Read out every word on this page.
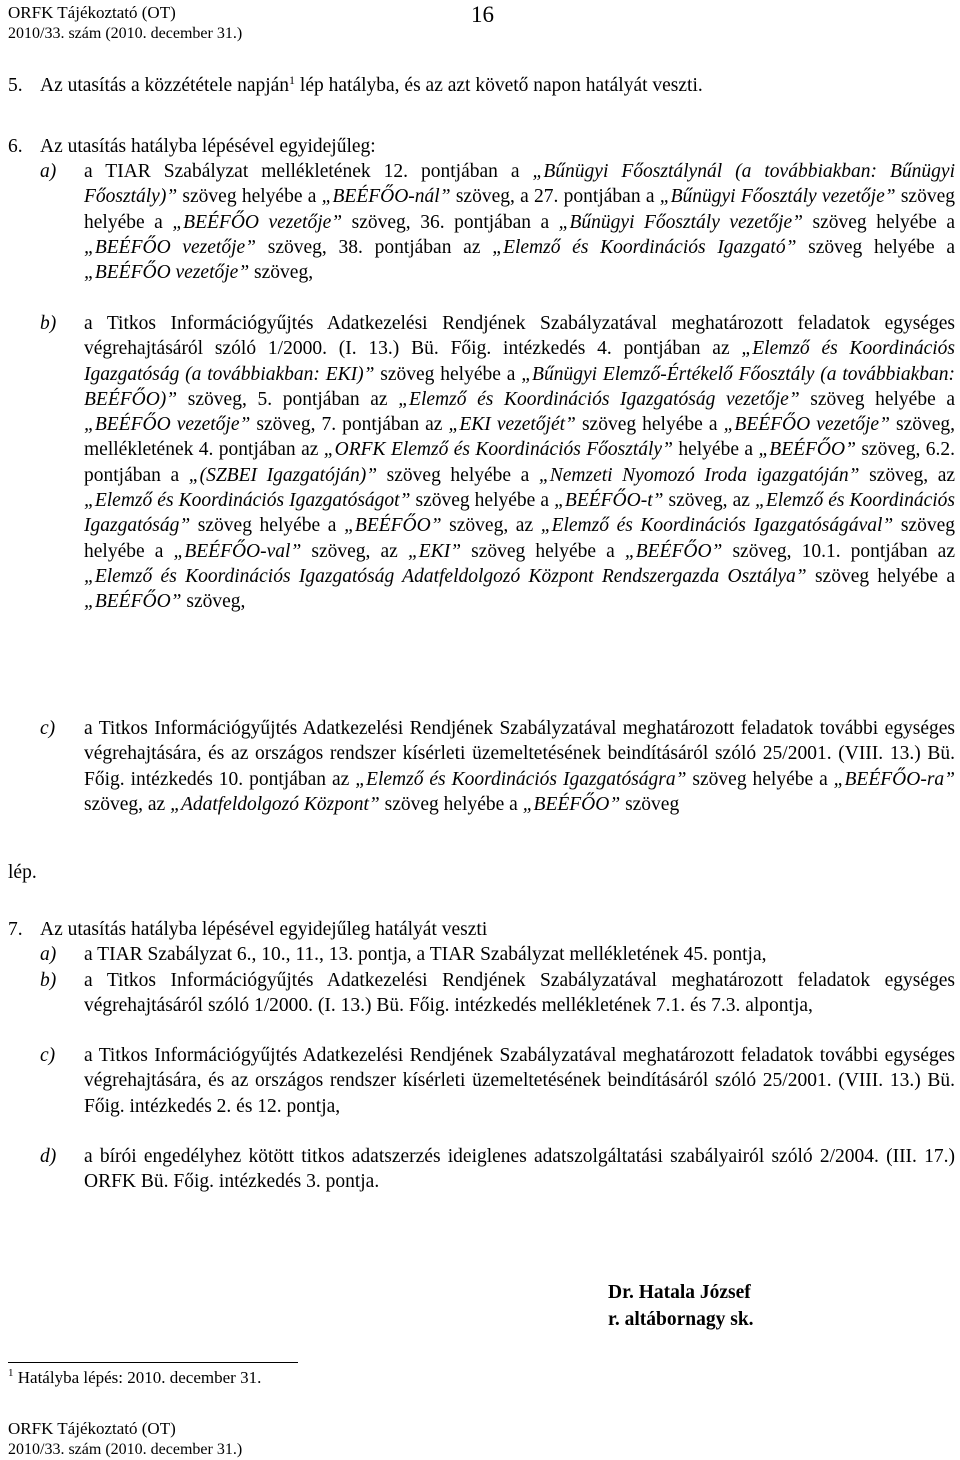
ORFK Tájékoztató (OT)
2010/33. szám (2010. december 31.)
16
5. Az utasítás a közzététele napján$^1$ lép hatályba, és az azt követő napon hatályát veszti.
6. Az utasítás hatályba lépésével egyidejűleg:
a)	a TIAR Szabályzat mellékletének 12. pontjában a „Bűnügyi Főosztálynál (a továbbiakban: Bűnügyi Főosztály)” szöveg helyébe a „BEÉFŐO-nál” szöveg, a 27. pontjában a „Bűnügyi Főosztály vezetője” szöveg helyébe a „BEÉFŐO vezetője” szöveg, 36. pontjában a „Bűnügyi Főosztály vezetője” szöveg helyébe a „BEÉFŐO vezetője” szöveg, 38. pontjában az „Elemző és Koordinációs Igazgató” szöveg helyébe a „BEÉFŐO vezetője” szöveg,
b)	a Titkos Információgyűjtés Adatkezelési Rendjének Szabályzatával meghatározott feladatok egységes végrehajtásáról szóló 1/2000. (I. 13.) Bü. Főig. intézkedés 4. pontjában az „Elemző és Koordinációs Igazgatóság (a továbbiakban: EKI)” szöveg helyébe a „Bűnügyi Elemző-Értékelő Főosztály (a továbbiakban: BEÉFŐO)” szöveg, 5. pontjában az „Elemző és Koordinációs Igazgatóság vezetője” szöveg helyébe a „BEÉFŐO vezetője” szöveg, 7. pontjában az „EKI vezetőjét” szöveg helyébe a „BEÉFŐO vezetője” szöveg, mellékletének 4. pontjában az „ORFK Elemző és Koordinációs Főosztály” helyébe a „BEÉFŐO” szöveg, 6.2. pontjában a „(SZBEI Igazgatóján)” szöveg helyébe a „Nemzeti Nyomozó Iroda igazgatóján” szöveg, az „Elemző és Koordinációs Igazgatóságot” szöveg helyébe a „BEÉFŐO-t” szöveg, az „Elemző és Koordinációs Igazgatóság” szöveg helyébe a „BEÉFŐO” szöveg, az „Elemző és Koordinációs Igazgatóságával” szöveg helyébe a „BEÉFŐO-val” szöveg, az „EKI” szöveg helyébe a „BEÉFŐO” szöveg, 10.1. pontjában az „Elemző és Koordinációs Igazgatóság Adatfeldolgozó Központ Rendszergazda Osztálya” szöveg helyébe a „BEÉFŐO” szöveg,
c)	a Titkos Információgyűjtés Adatkezelési Rendjének Szabályzatával meghatározott feladatok további egységes végrehajtására, és az országos rendszer kísérleti üzemeltetésének beindításáról szóló 25/2001. (VIII. 13.) Bü. Főig. intézkedés 10. pontjában az „Elemző és Koordinációs Igazgatóságra” szöveg helyébe a „BEÉFŐO-ra” szöveg, az „Adatfeldolgozó Központ” szöveg helyébe a „BEÉFŐO” szöveg
lép.
7. Az utasítás hatályba lépésével egyidejűleg hatályát veszti
a)	a TIAR Szabályzat 6., 10., 11., 13. pontja, a TIAR Szabályzat mellékletének 45. pontja,
b)	a Titkos Információgyűjtés Adatkezelési Rendjének Szabályzatával meghatározott feladatok egységes végrehajtásáról szóló 1/2000. (I. 13.) Bü. Főig. intézkedés mellékletének 7.1. és 7.3. alpontja,
c)	a Titkos Információgyűjtés Adatkezelési Rendjének Szabályzatával meghatározott feladatok további egységes végrehajtására, és az országos rendszer kísérleti üzemeltetésének beindításáról szóló 25/2001. (VIII. 13.) Bü. Főig. intézkedés 2. és 12. pontja,
d)	a bírói engedélyhez kötött titkos adatszerzés ideiglenes adatszolgáltatási szabályairól szóló 2/2004. (III. 17.) ORFK Bü. Főig. intézkedés 3. pontja.
Dr. Hatala József
r. altábornagy sk.
$^1$ Hatályba lépés: 2010. december 31.
ORFK Tájékoztató (OT)
2010/33. szám (2010. december 31.)
